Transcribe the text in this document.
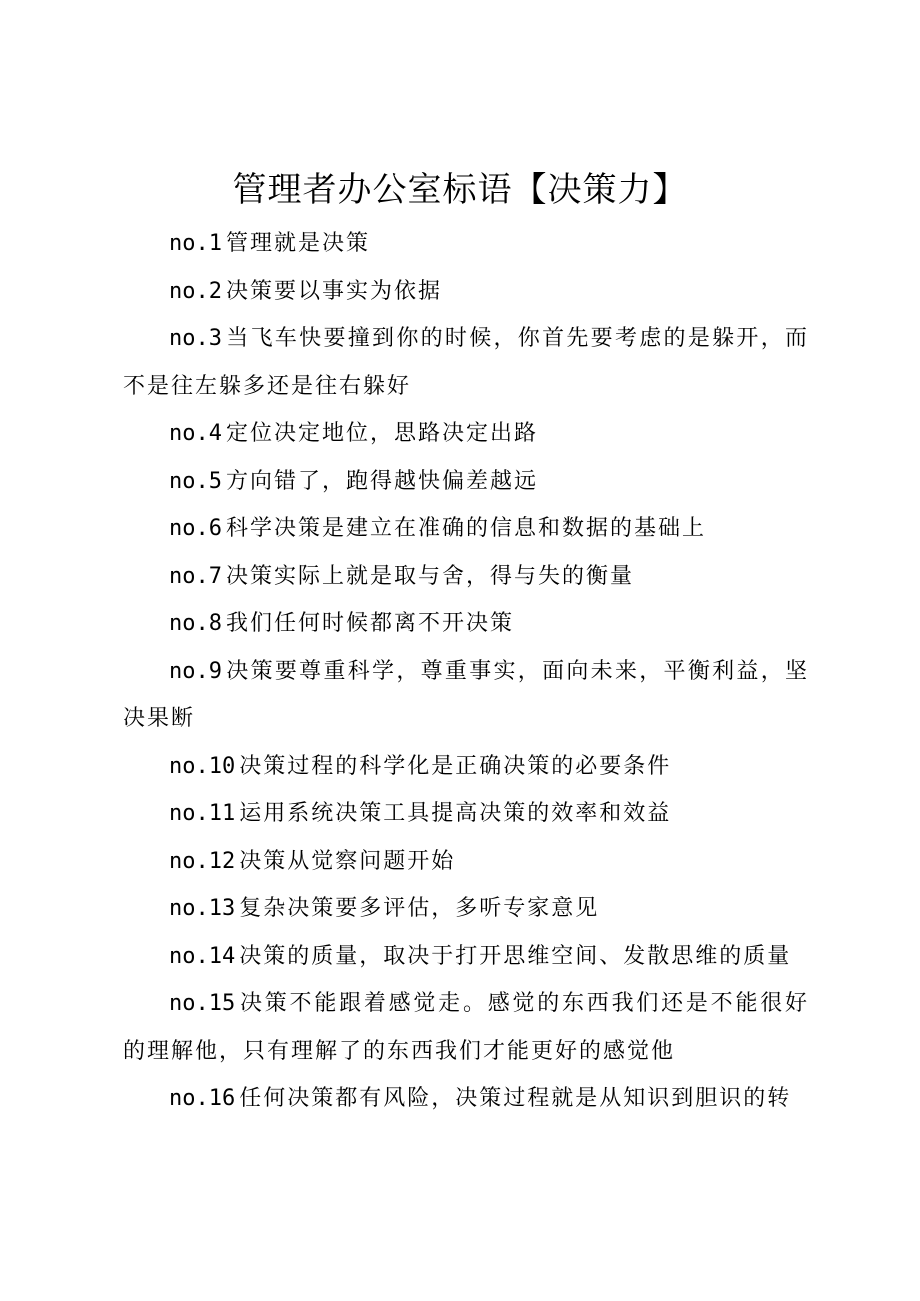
管理者办公室标语【决策力】

no.1 管理就是决策

no.2 决策要以事实为依据

no.3 当飞车快要撞到你的时候，你首先要考虑的是躲开，而不是往左躲多还是往右躲好

no.4 定位决定地位，思路决定出路

no.5 方向错了，跑得越快偏差越远

no.6 科学决策是建立在准确的信息和数据的基础上

no.7 决策实际上就是取与舍，得与失的衡量

no.8 我们任何时候都离不开决策

no.9 决策要尊重科学，尊重事实，面向未来，平衡利益，坚决果断

no.10 决策过程的科学化是正确决策的必要条件

no.11 运用系统决策工具提高决策的效率和效益

no.12 决策从觉察问题开始

no.13 复杂决策要多评估，多听专家意见

no.14 决策的质量，取决于打开思维空间、发散思维的质量

no.15 决策不能跟着感觉走。感觉的东西我们还是不能很好的理解他，只有理解了的东西我们才能更好的感觉他

no.16 任何决策都有风险，决策过程就是从知识到胆识的转
